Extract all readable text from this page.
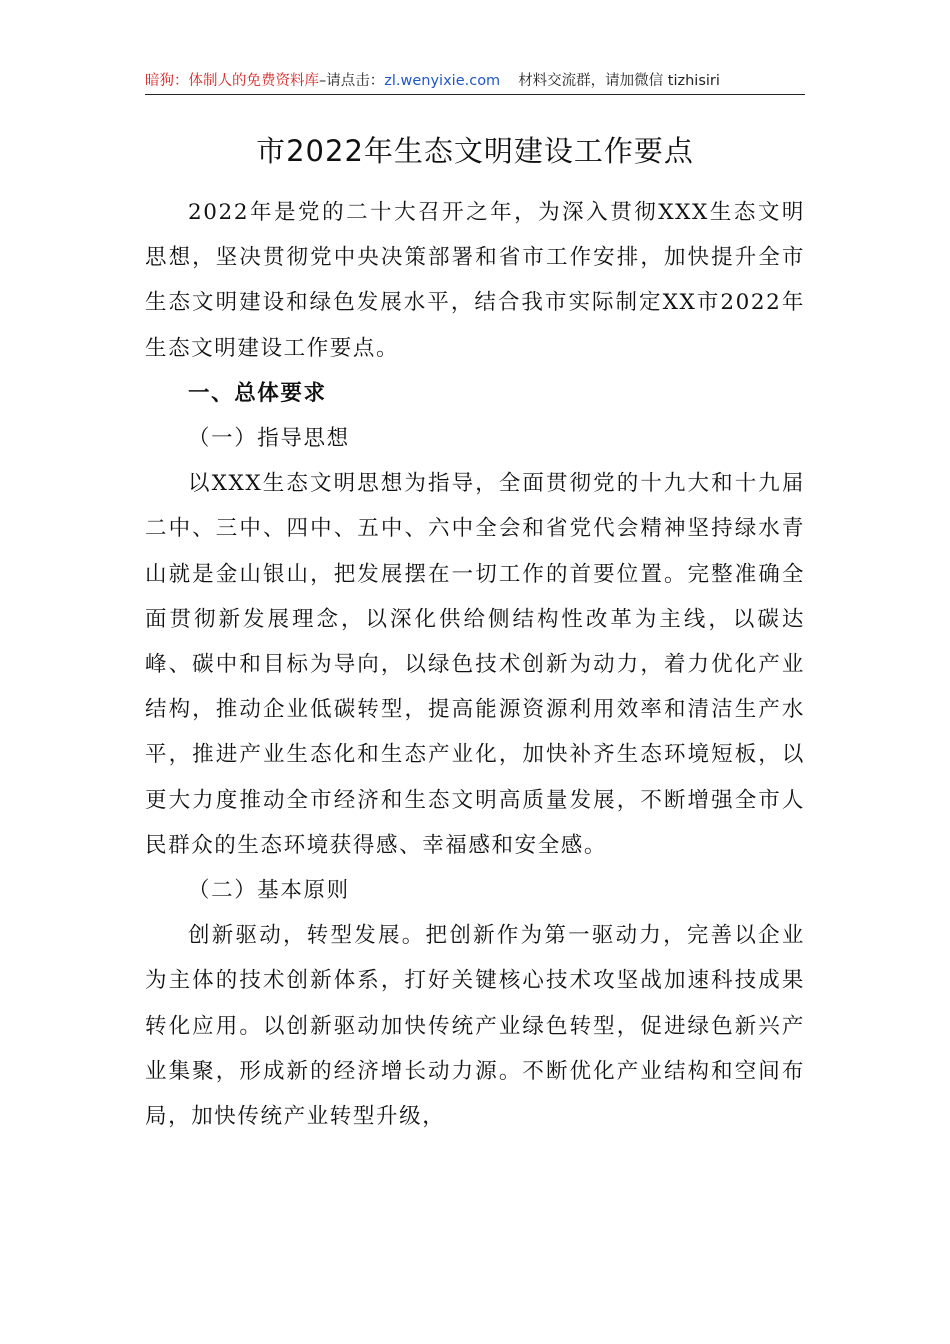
暗狗：体制人的免费资料库–请点击：zl.wenyixie.com 材料交流群，请加微信 tizhisiri
市2022年生态文明建设工作要点

2022年是党的二十大召开之年，为深入贯彻XXX生态文明思想，坚决贯彻党中央决策部署和省市工作安排，加快提升全市生态文明建设和绿色发展水平，结合我市实际制定XX市2022年生态文明建设工作要点。

一、总体要求

（一）指导思想

以XXX生态文明思想为指导，全面贯彻党的十九大和十九届二中、三中、四中、五中、六中全会和省党代会精神坚持绿水青山就是金山银山，把发展摆在一切工作的首要位置。完整准确全面贯彻新发展理念，以深化供给侧结构性改革为主线，以碳达峰、碳中和目标为导向，以绿色技术创新为动力，着力优化产业结构，推动企业低碳转型，提高能源资源利用效率和清洁生产水平，推进产业生态化和生态产业化，加快补齐生态环境短板，以更大力度推动全市经济和生态文明高质量发展，不断增强全市人民群众的生态环境获得感、幸福感和安全感。

（二）基本原则

创新驱动，转型发展。把创新作为第一驱动力，完善以企业为主体的技术创新体系，打好关键核心技术攻坚战加速科技成果转化应用。以创新驱动加快传统产业绿色转型，促进绿色新兴产业集聚，形成新的经济增长动力源。不断优化产业结构和空间布局，加快传统产业转型升级，
